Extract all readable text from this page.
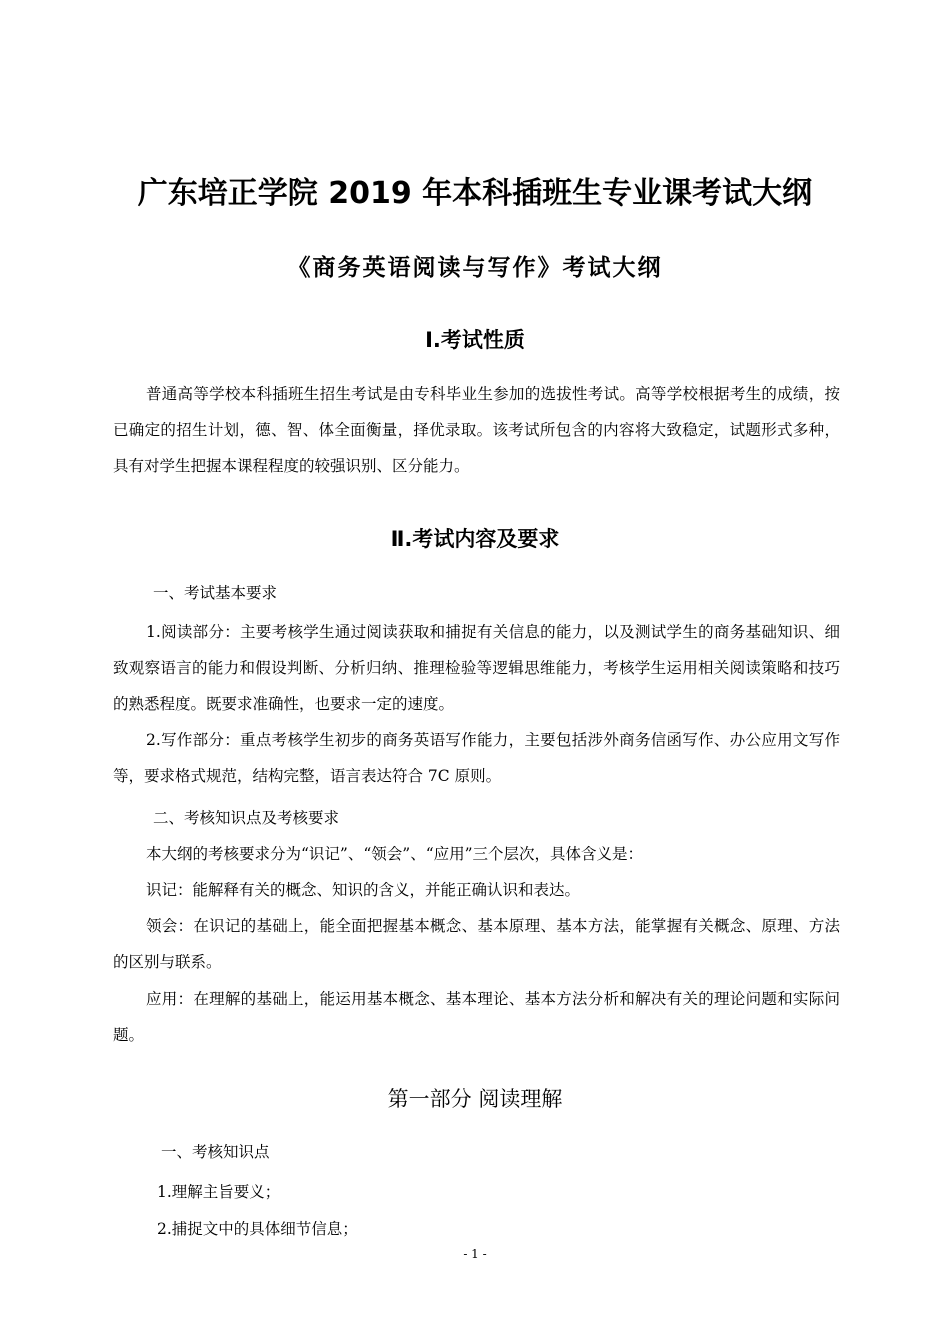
广东培正学院 2019 年本科插班生专业课考试大纲
《商务英语阅读与写作》考试大纲
Ⅰ.考试性质

普通高等学校本科插班生招生考试是由专科毕业生参加的选拔性考试。高等学校根据考生的成绩，按已确定的招生计划，德、智、体全面衡量，择优录取。该考试所包含的内容将大致稳定，试题形式多种，具有对学生把握本课程程度的较强识别、区分能力。

Ⅱ.考试内容及要求
一、考试基本要求

1.阅读部分：主要考核学生通过阅读获取和捕捉有关信息的能力，以及测试学生的商务基础知识、细致观察语言的能力和假设判断、分析归纳、推理检验等逻辑思维能力，考核学生运用相关阅读策略和技巧的熟悉程度。既要求准确性，也要求一定的速度。

2.写作部分：重点考核学生初步的商务英语写作能力，主要包括涉外商务信函写作、办公应用文写作等，要求格式规范，结构完整，语言表达符合 7C 原则。

二、考核知识点及考核要求

本大纲的考核要求分为“识记”、“领会”、“应用”三个层次，具体含义是：

识记：能解释有关的概念、知识的含义，并能正确认识和表达。

领会：在识记的基础上，能全面把握基本概念、基本原理、基本方法，能掌握有关概念、原理、方法的区别与联系。

应用：在理解的基础上，能运用基本概念、基本理论、基本方法分析和解决有关的理论问题和实际问题。

第一部分 阅读理解
一、考核知识点
1.理解主旨要义；
2.捕捉文中的具体细节信息；
- 1 -
